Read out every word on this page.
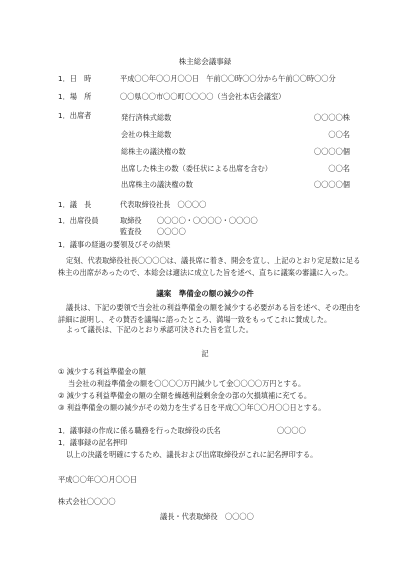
株主総会議事録
1．日　時	平成〇〇年〇〇月〇〇日　午前〇〇時〇〇分から午前〇〇時〇〇分
1．場　所	〇〇県〇〇市〇〇町〇〇〇〇（当会社本店会議室）
1．出席者	発行済株式総数	〇〇〇〇株
会社の株主総数	〇〇名
総株主の議決権の数	〇〇〇〇個
出席した株主の数（委任状による出席を含む）	〇〇名
出席株主の議決権の数	〇〇〇〇個
1．議　長	代表取締役社長　〇〇〇〇
1．出席役員	取締役 〇〇〇〇・〇〇〇〇・〇〇〇〇
監査役 〇〇〇〇
1．議事の経過の要領及びその結果
定刻、代表取締役社長〇〇〇〇は、議長席に着き、開会を宣し、上記のとおり定足数に足る株主の出席があったので、本総会は適法に成立した旨を述べ、直ちに議案の審議に入った。
議案　準備金の額の減少の件
議長は、下記の要領で当会社の利益準備金の額を減少する必要がある旨を述べ、その理由を詳細に説明し、その賛否を議場に諮ったところ、満場一致をもってこれに賛成した。
よって議長は、下記のとおり承認可決された旨を宣した。
記
① 減少する利益準備金の額
当会社の利益準備金の額を〇〇〇〇万円減少して金〇〇〇〇万円とする。
② 減少する利益準備金の額の全額を繰越利益剰余金の部の欠損填補に充てる。
③ 利益準備金の額の減少がその効力を生ずる日を平成〇〇年〇〇月〇〇日とする。
1．議事録の作成に係る職務を行った取締役の氏名	〇〇〇〇
1．議事録の記名押印
以上の決議を明確にするため、議長および出席取締役がこれに記名押印する。
平成〇〇年〇〇月〇〇日
株式会社〇〇〇〇
議長・代表取締役 〇〇〇〇
